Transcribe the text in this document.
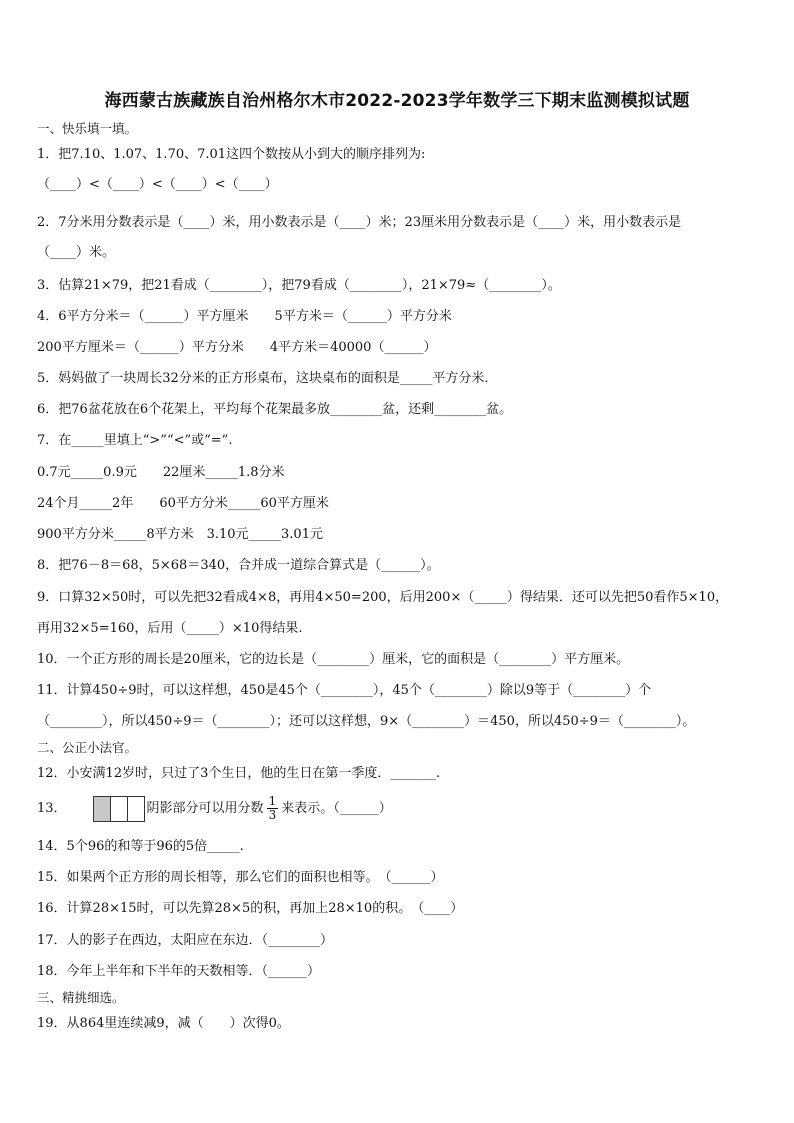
海西蒙古族藏族自治州格尔木市2022-2023学年数学三下期末监测模拟试题
一、快乐填一填。
1．把7.10、1.07、1.70、7.01这四个数按从小到大的顺序排列为:
（____）<（____）<（____）<（____）
2．7分米用分数表示是（____）米，用小数表示是（____）米；23厘米用分数表示是（____）米，用小数表示是
（____）米。
3．估算21×79，把21看成（________），把79看成（________），21×79≈（________）。
4．6平方分米＝（______）平方厘米　　5平方米＝（______）平方分米
200平方厘米＝（______）平方分米　　4平方米＝40000（______）
5．妈妈做了一块周长32分米的正方形桌布，这块桌布的面积是_____平方分米．
6．把76盆花放在6个花架上，平均每个花架最多放________盆，还剩________盆。
7．在_____里填上“>”“<”或“=”.
0.7元_____0.9元　　22厘米_____1.8分米
24个月_____2年　　60平方分米_____60平方厘米
900平方分米_____8平方米　3.10元_____3.01元
8．把76－8＝68，5×68＝340，合并成一道综合算式是（______）。
9．口算32×50时，可以先把32看成4×8，再用4×50=200，后用200×（_____）得结果．还可以先把50看作5×10，
再用32×5=160，后用（_____）×10得结果.
10．一个正方形的周长是20厘米，它的边长是（________）厘米，它的面积是（________）平方厘米。
11．计算450÷9时，可以这样想，450是45个（________），45个（________）除以9等于（________）个
（________），所以450÷9＝（________）；还可以这样想，9×（________）＝450，所以450÷9＝（________）。
二、公正小法官。
12．小安满12岁时，只过了3个生日，他的生日在第一季度．_______.
13．	阴影部分可以用分数 $\frac{1}{3}$ 来表示。（______）
14．5个96的和等于96的5倍_____.
15．如果两个正方形的周长相等，那么它们的面积也相等。　（______）
16．计算28×15时，可以先算28×5的积，再加上28×10的积。　（____）
17．人的影子在西边，太阳应在东边．（________）
18．今年上半年和下半年的天数相等．（______）
三、精挑细选。
19．从864里连续减9，减（　　）次得0。
